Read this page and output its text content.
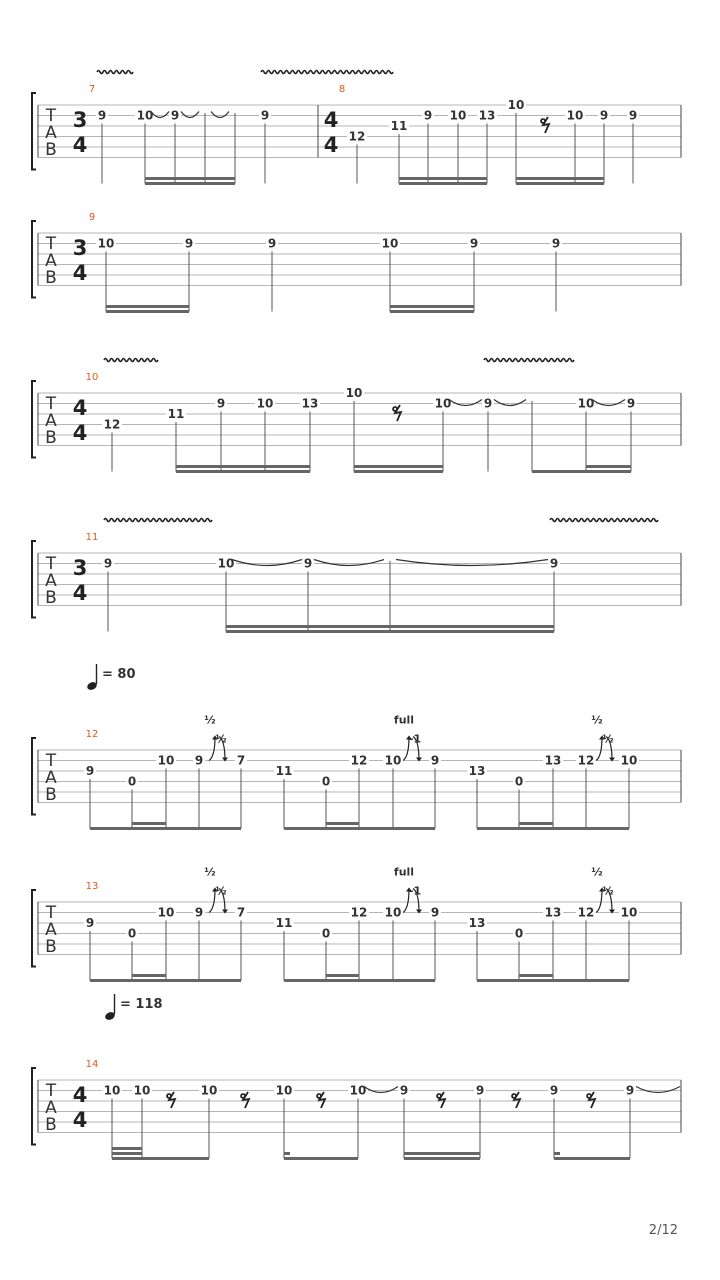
T
A
B
7
3
4
9	10 9	9
8
4
4 12
11
9 10 13
10
10 9 9
T
A
B
9
3
4
10	9	9	10	9	9
T
A
B
10
4
4 12
11
9	10 13
10
10	9	10	9
T
A
B
11
3
4
9	10	9	9
T
A
B
= 80
12
9
0
10 9	7
11
0
12 10 9
13
0
13 12 10
½
½
full
-1
½
½
T
A
B
13
9
0
10 9	7
11
0
12 10 9
13
0
13 12 10
½
½
full
-1
½
½
T
A
B
= 118
14
4
4
10 10	10	10	10	9	9	9	9
2/12
